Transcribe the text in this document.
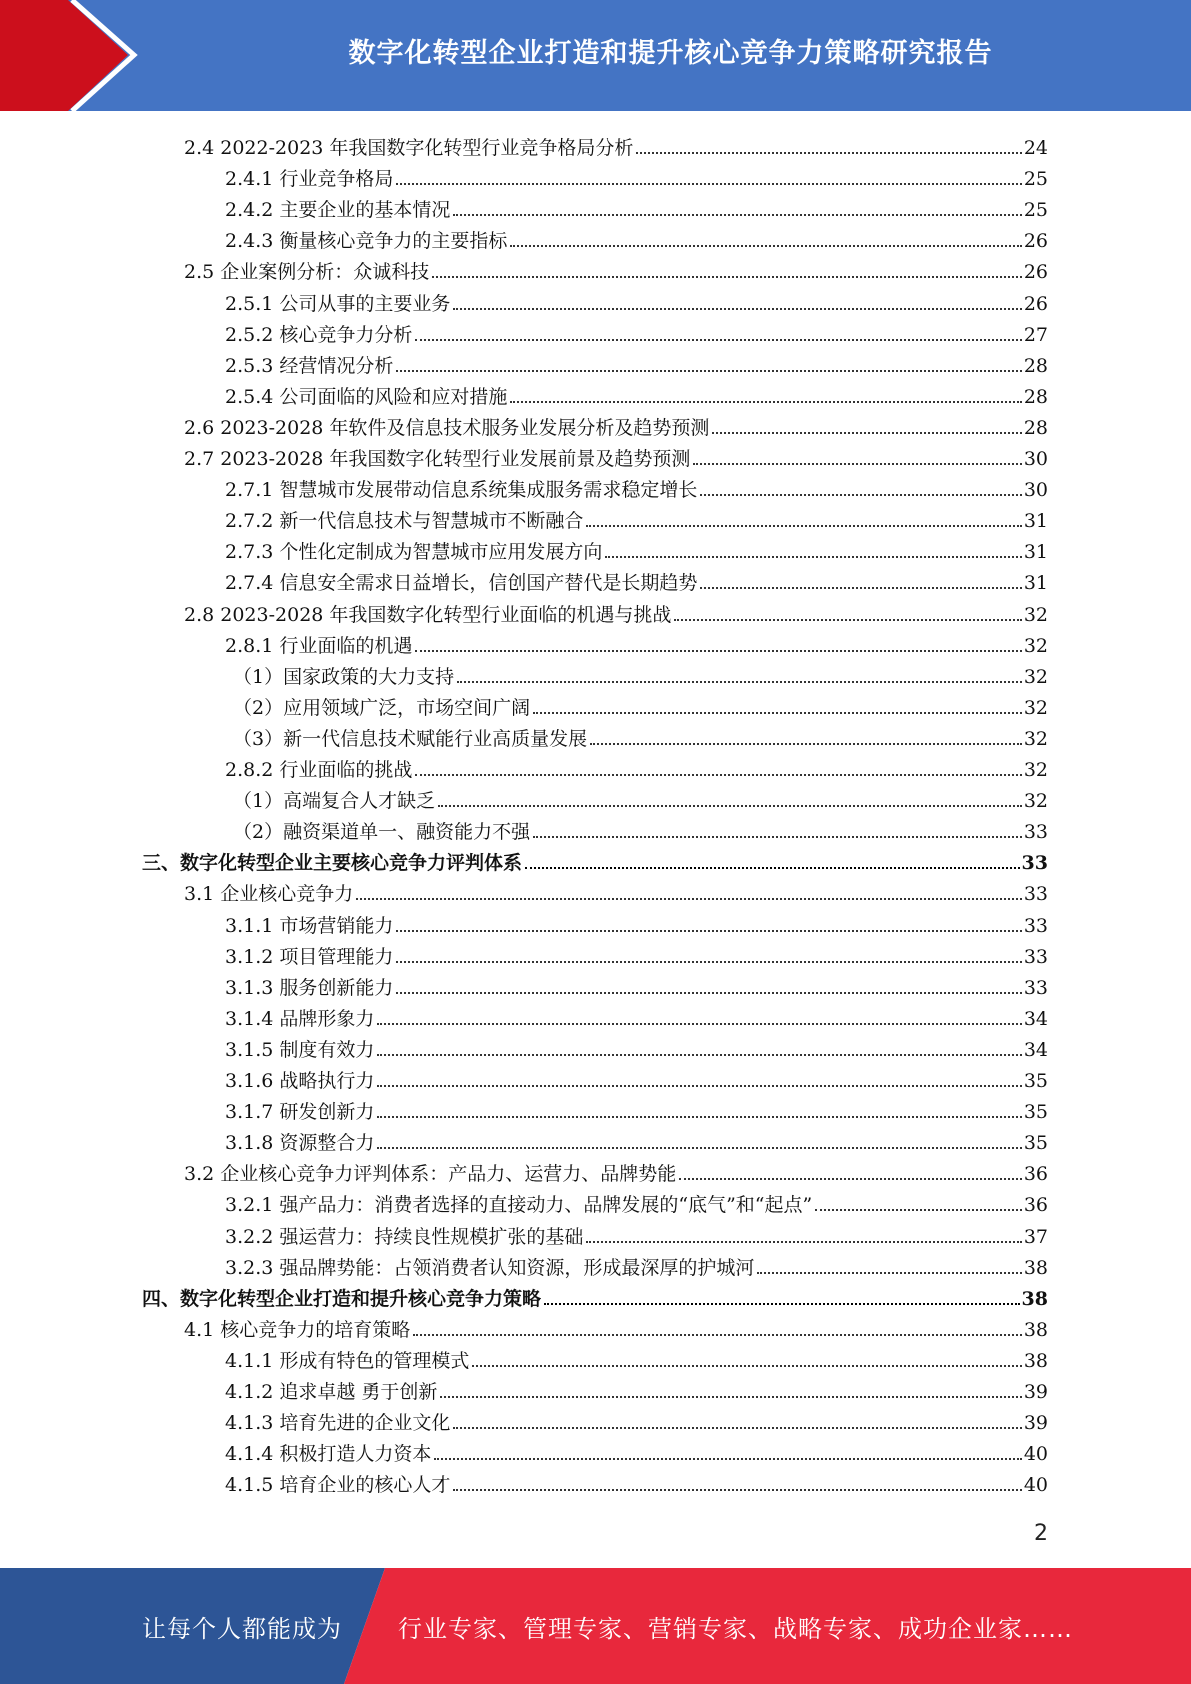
数字化转型企业打造和提升核心竞争力策略研究报告
2.4 2022-2023 年我国数字化转型行业竞争格局分析	24
2.4.1 行业竞争格局	25
2.4.2 主要企业的基本情况	25
2.4.3 衡量核心竞争力的主要指标	26
2.5 企业案例分析：众诚科技	26
2.5.1 公司从事的主要业务	26
2.5.2 核心竞争力分析	27
2.5.3 经营情况分析	28
2.5.4 公司面临的风险和应对措施	28
2.6 2023-2028 年软件及信息技术服务业发展分析及趋势预测	28
2.7 2023-2028 年我国数字化转型行业发展前景及趋势预测	30
2.7.1 智慧城市发展带动信息系统集成服务需求稳定增长	30
2.7.2 新一代信息技术与智慧城市不断融合	31
2.7.3 个性化定制成为智慧城市应用发展方向	31
2.7.4 信息安全需求日益增长，信创国产替代是长期趋势	31
2.8 2023-2028 年我国数字化转型行业面临的机遇与挑战	32
2.8.1 行业面临的机遇	32
（1）国家政策的大力支持	32
（2）应用领域广泛，市场空间广阔	32
（3）新一代信息技术赋能行业高质量发展	32
2.8.2 行业面临的挑战	32
（1）高端复合人才缺乏	32
（2）融资渠道单一、融资能力不强	33
三、数字化转型企业主要核心竞争力评判体系	33
3.1 企业核心竞争力	33
3.1.1 市场营销能力	33
3.1.2 项目管理能力	33
3.1.3 服务创新能力	33
3.1.4 品牌形象力	34
3.1.5 制度有效力	34
3.1.6 战略执行力	35
3.1.7 研发创新力	35
3.1.8 资源整合力	35
3.2 企业核心竞争力评判体系：产品力、运营力、品牌势能	36
3.2.1 强产品力：消费者选择的直接动力、品牌发展的“底气”和“起点”	36
3.2.2 强运营力：持续良性规模扩张的基础	37
3.2.3 强品牌势能：占领消费者认知资源，形成最深厚的护城河	38
四、数字化转型企业打造和提升核心竞争力策略	38
4.1 核心竞争力的培育策略	38
4.1.1 形成有特色的管理模式	38
4.1.2 追求卓越 勇于创新	39
4.1.3 培育先进的企业文化	39
4.1.4 积极打造人力资本	40
4.1.5 培育企业的核心人才	40
2
让每个人都能成为 行业专家、管理专家、营销专家、战略专家、成功企业家……
